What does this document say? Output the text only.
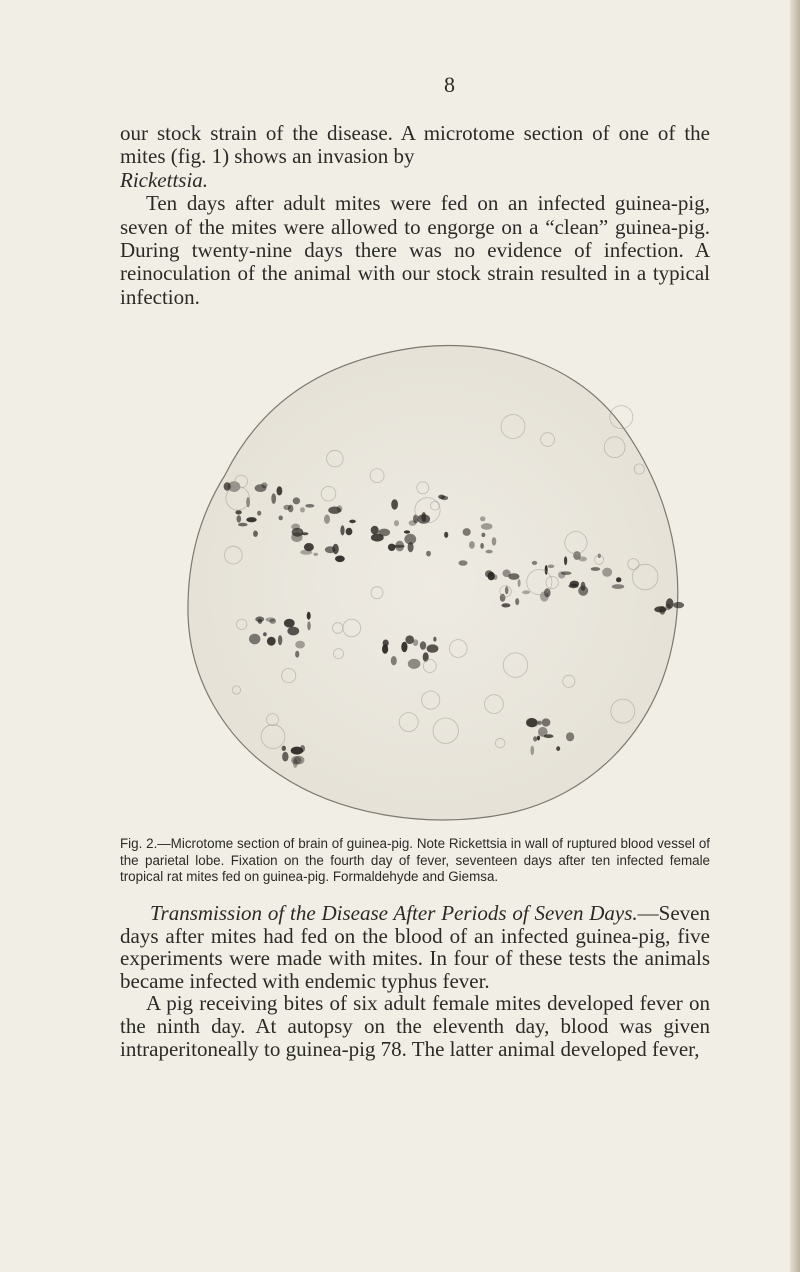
8

our stock strain of the disease. A microtome section of one of the mites (fig. 1) shows an invasion by
Rickettsia.

Ten days after adult mites were fed on an infected guinea-pig, seven of the mites were allowed to engorge on a “clean” guinea-pig. During twenty-nine days there was no evidence of infection. A reinoculation of the animal with our stock strain resulted in a typical infection.

Fig. 2.—Microtome section of brain of guinea-pig. Note Rickettsia in wall of ruptured blood vessel of the parietal lobe. Fixation on the fourth day of fever, seventeen days after ten infected female tropical rat mites fed on guinea-pig. Formaldehyde and Giemsa.

Transmission of the Disease After Periods of Seven Days.—Seven days after mites had fed on the blood of an infected guinea-pig, five experiments were made with mites. In four of these tests the animals became infected with endemic typhus fever.

A pig receiving bites of six adult female mites developed fever on the ninth day. At autopsy on the eleventh day, blood was given intraperitoneally to guinea-pig 78. The latter animal developed fever,
